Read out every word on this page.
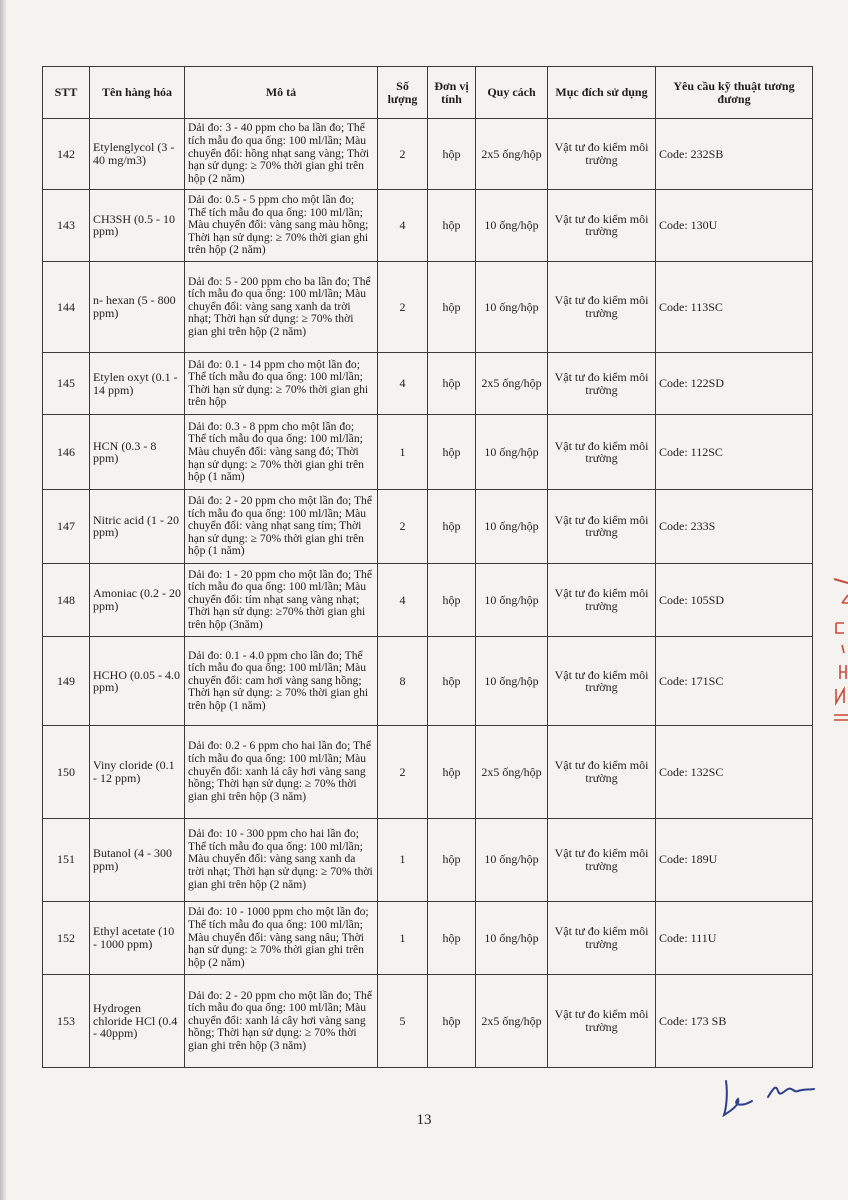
STT	Tên hàng hóa	Mô tả	Số lượng	Đơn vị tính	Quy cách	Mục đích sử dụng	Yêu cầu kỹ thuật tương đương
142	Etylenglycol (3 - 40 mg/m3)	Dải đo: 3 - 40 ppm cho ba lần đo; Thể tích mẫu đo qua ống: 100 ml/lần; Màu chuyển đổi: hồng nhạt sang vàng; Thời hạn sử dụng: ≥ 70% thời gian ghi trên hộp (2 năm)	2	hộp	2x5 ống/hộp	Vật tư đo kiểm môi trường	Code: 232SB
143	CH3SH (0.5 - 10 ppm)	Dải đo: 0.5 - 5 ppm cho một lần đo; Thể tích mẫu đo qua ống: 100 ml/lần; Màu chuyển đổi: vàng sang màu hồng; Thời hạn sử dụng: ≥ 70% thời gian ghi trên hộp (2 năm)	4	hộp	10 ống/hộp	Vật tư đo kiểm môi trường	Code: 130U
144	n- hexan (5 - 800 ppm)	Dải đo: 5 - 200 ppm cho ba lần đo; Thể tích mẫu đo qua ống: 100 ml/lần; Màu chuyển đổi: vàng sang xanh da trời nhạt; Thời hạn sử dụng: ≥ 70% thời gian ghi trên hộp (2 năm)	2	hộp	10 ống/hộp	Vật tư đo kiểm môi trường	Code: 113SC
145	Etylen oxyt (0.1 - 14 ppm)	Dải đo: 0.1 - 14 ppm cho một lần đo; Thể tích mẫu đo qua ống: 100 ml/lần; Thời hạn sử dụng: ≥ 70% thời gian ghi trên hộp	4	hộp	2x5 ống/hộp	Vật tư đo kiểm môi trường	Code: 122SD
146	HCN (0.3 - 8 ppm)	Dải đo: 0.3 - 8 ppm cho một lần đo; Thể tích mẫu đo qua ống: 100 ml/lần; Màu chuyển đổi: vàng sang đỏ; Thời hạn sử dụng: ≥ 70% thời gian ghi trên hộp (1 năm)	1	hộp	10 ống/hộp	Vật tư đo kiểm môi trường	Code: 112SC
147	Nitric acid (1 - 20 ppm)	Dải đo: 2 - 20 ppm cho một lần đo; Thể tích mẫu đo qua ống: 100 ml/lần; Màu chuyển đổi: vàng nhạt sang tím; Thời hạn sử dụng: ≥ 70% thời gian ghi trên hộp (1 năm)	2	hộp	10 ống/hộp	Vật tư đo kiểm môi trường	Code: 233S
148	Amoniac (0.2 - 20 ppm)	Dải đo: 1 - 20 ppm cho một lần đo; Thể tích mẫu đo qua ống: 100 ml/lần; Màu chuyển đổi: tím nhạt sang vàng nhạt; Thời hạn sử dụng: ≥70% thời gian ghi trên hộp (3năm)	4	hộp	10 ống/hộp	Vật tư đo kiểm môi trường	Code: 105SD
149	HCHO (0.05 - 4.0 ppm)	Dải đo: 0.1 - 4.0 ppm cho lần đo; Thể tích mẫu đo qua ống: 100 ml/lần; Màu chuyển đổi: cam hơi vàng sang hồng; Thời hạn sử dụng: ≥ 70% thời gian ghi trên hộp (1 năm)	8	hộp	10 ống/hộp	Vật tư đo kiểm môi trường	Code: 171SC
150	Viny cloride (0.1 - 12 ppm)	Dải đo: 0.2 - 6 ppm cho hai lần đo; Thể tích mẫu đo qua ống: 100 ml/lần; Màu chuyển đổi: xanh lá cây hơi vàng sang hồng; Thời hạn sử dụng: ≥ 70% thời gian ghi trên hộp (3 năm)	2	hộp	2x5 ống/hộp	Vật tư đo kiểm môi trường	Code: 132SC
151	Butanol (4 - 300 ppm)	Dải đo: 10 - 300 ppm cho hai lần đo; Thể tích mẫu đo qua ống: 100 ml/lần; Màu chuyển đổi: vàng sang xanh da trời nhạt; Thời hạn sử dụng: ≥ 70% thời gian ghi trên hộp (2 năm)	1	hộp	10 ống/hộp	Vật tư đo kiểm môi trường	Code: 189U
152	Ethyl acetate (10 - 1000 ppm)	Dải đo: 10 - 1000 ppm cho một lần đo; Thể tích mẫu đo qua ống: 100 ml/lần; Màu chuyển đổi: vàng sang nâu; Thời hạn sử dụng: ≥ 70% thời gian ghi trên hộp (2 năm)	1	hộp	10 ống/hộp	Vật tư đo kiểm môi trường	Code: 111U
153	Hydrogen chloride HCl (0.4 - 40ppm)	Dải đo: 2 - 20 ppm cho một lần đo; Thể tích mẫu đo qua ống: 100 ml/lần; Màu chuyển đổi: xanh lá cây hơi vàng sang hồng; Thời hạn sử dụng: ≥ 70% thời gian ghi trên hộp (3 năm)	5	hộp	2x5 ống/hộp	Vật tư đo kiểm môi trường	Code: 173 SB
13
